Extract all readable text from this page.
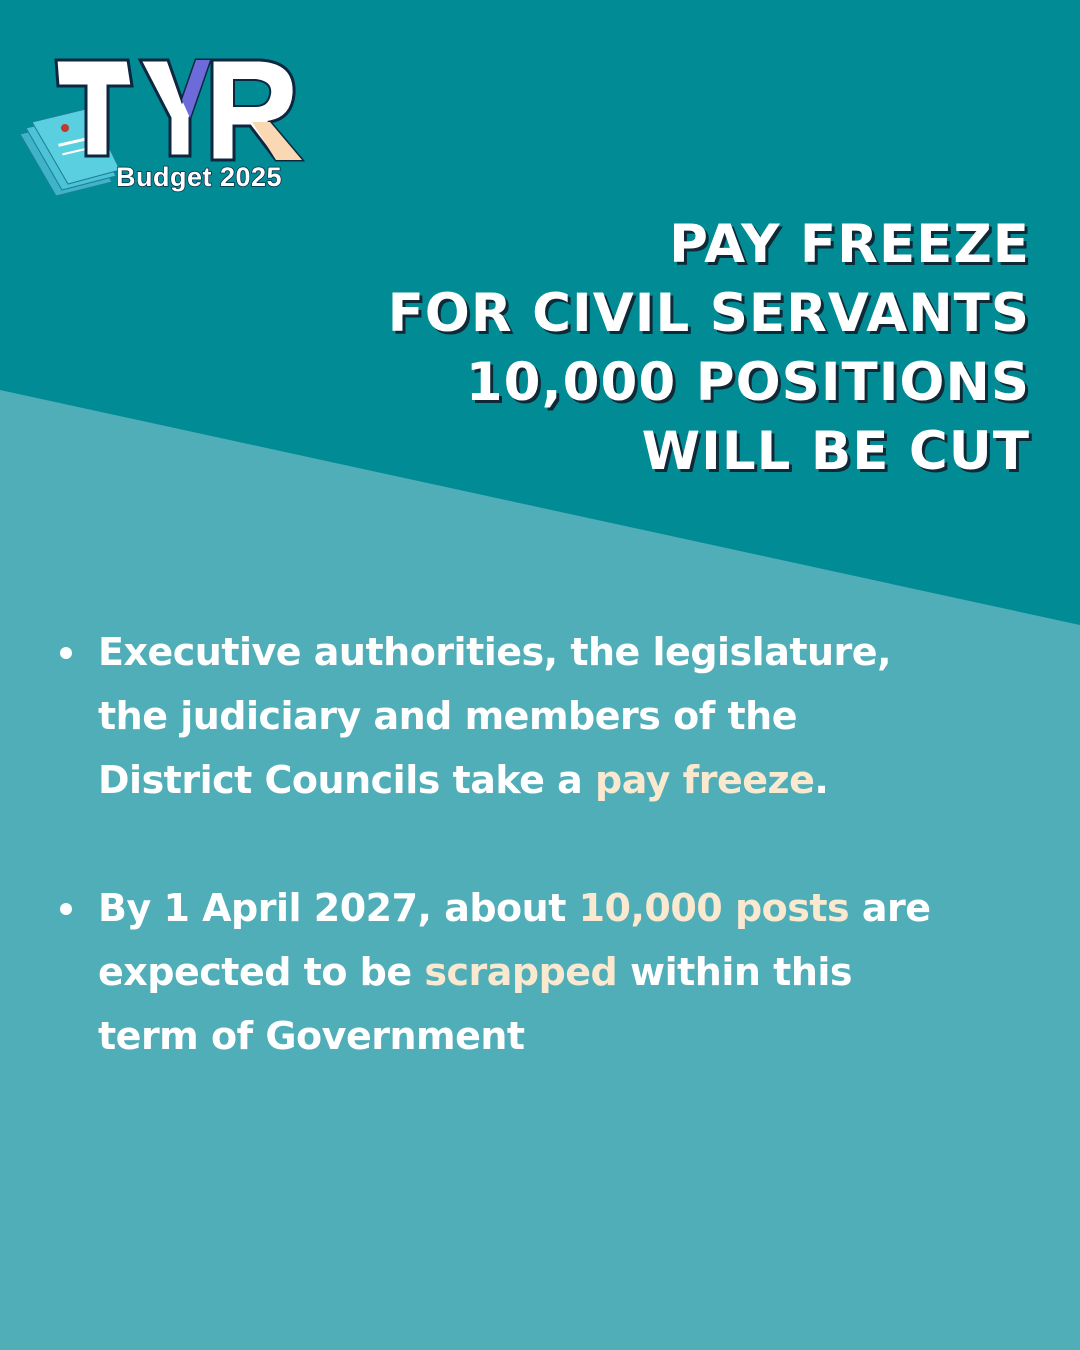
Budget 2025
PAY FREEZE
FOR CIVIL SERVANTS
10,000 POSITIONS
WILL BE CUT
Executive authorities, the legislature, the judiciary and members of the District Councils take a pay freeze.
By 1 April 2027, about 10,000 posts are expected to be scrapped within this term of Government
